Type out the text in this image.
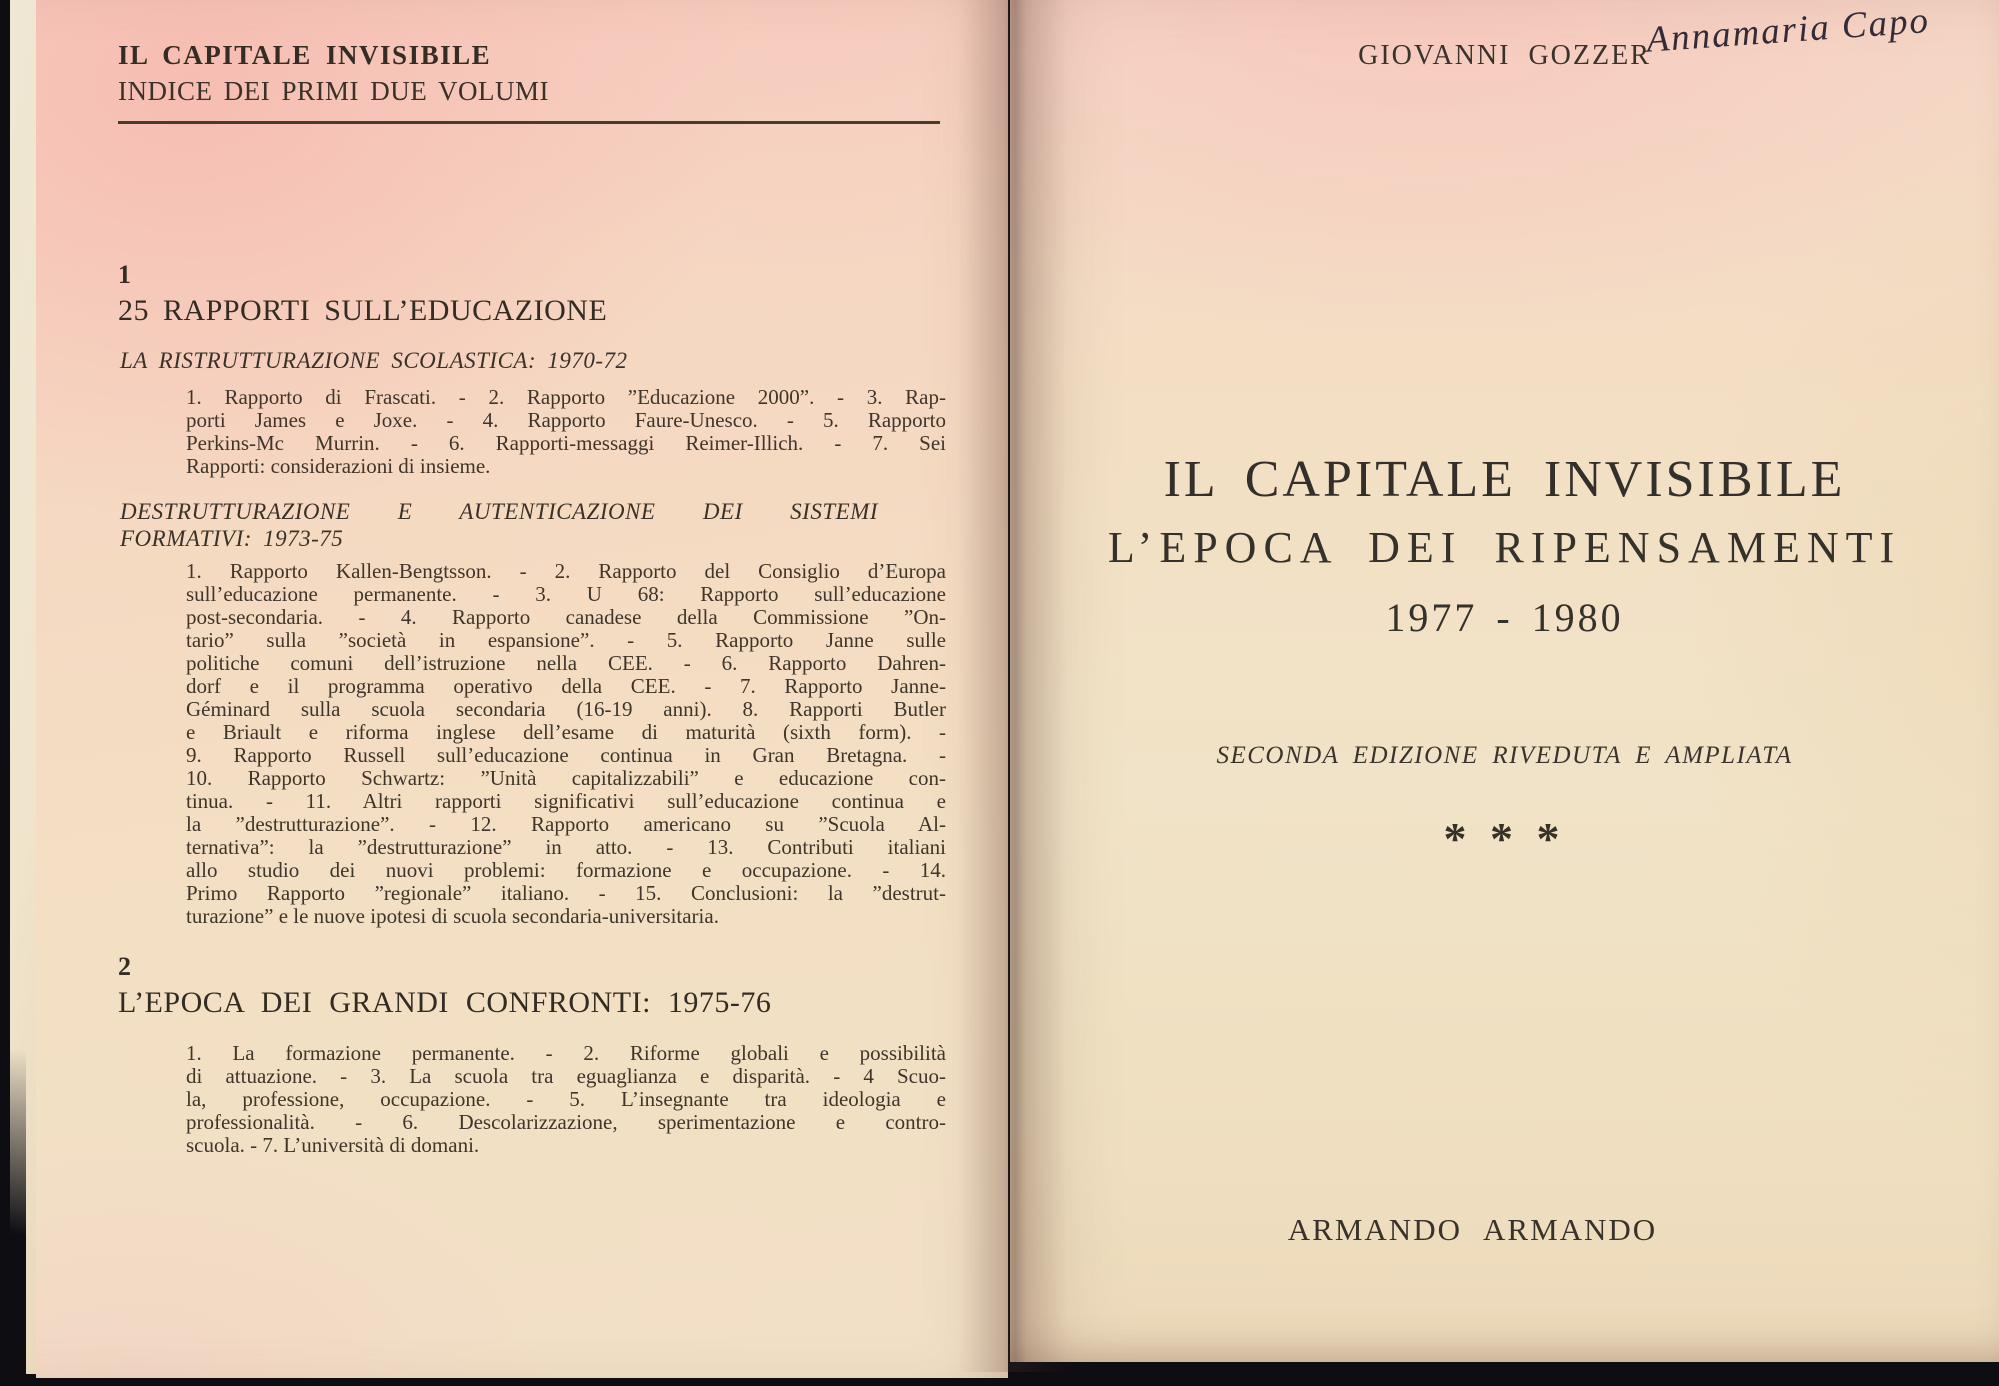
IL CAPITALE INVISIBILE
INDICE DEI PRIMI DUE VOLUMI
1
25 RAPPORTI SULL’EDUCAZIONE
LA RISTRUTTURAZIONE SCOLASTICA: 1970-72
1. Rapporto di Frascati. - 2. Rapporto ”Educazione 2000”. - 3. Rap-
porti James e Joxe. - 4. Rapporto Faure-Unesco. - 5. Rapporto
Perkins-Mc Murrin. - 6. Rapporti-messaggi Reimer-Illich. - 7. Sei
Rapporti: considerazioni di insieme.
DESTRUTTURAZIONE E AUTENTICAZIONE DEI SISTEMI
FORMATIVI: 1973-75
1. Rapporto Kallen-Bengtsson. - 2. Rapporto del Consiglio d’Europa
sull’educazione permanente. - 3. U 68: Rapporto sull’educazione
post-secondaria. - 4. Rapporto canadese della Commissione ”On-
tario” sulla ”società in espansione”. - 5. Rapporto Janne sulle
politiche comuni dell’istruzione nella CEE. - 6. Rapporto Dahren-
dorf e il programma operativo della CEE. - 7. Rapporto Janne-
Géminard sulla scuola secondaria (16-19 anni). 8. Rapporti Butler
e Briault e riforma inglese dell’esame di maturità (sixth form). -
9. Rapporto Russell sull’educazione continua in Gran Bretagna. -
10. Rapporto Schwartz: ”Unità capitalizzabili” e educazione con-
tinua. - 11. Altri rapporti significativi sull’educazione continua e
la ”destrutturazione”. - 12. Rapporto americano su ”Scuola Al-
ternativa”: la ”destrutturazione” in atto. - 13. Contributi italiani
allo studio dei nuovi problemi: formazione e occupazione. - 14.
Primo Rapporto ”regionale” italiano. - 15. Conclusioni: la ”destrut-
turazione” e le nuove ipotesi di scuola secondaria-universitaria.
2
L’EPOCA DEI GRANDI CONFRONTI: 1975-76
1. La formazione permanente. - 2. Riforme globali e possibilità
di attuazione. - 3. La scuola tra eguaglianza e disparità. - 4 Scuo-
la, professione, occupazione. - 5. L’insegnante tra ideologia e
professionalità. - 6. Descolarizzazione, sperimentazione e contro-
scuola. - 7. L’università di domani.
GIOVANNI GOZZER
Annamaria Capo
IL CAPITALE INVISIBILE
L’EPOCA DEI RIPENSAMENTI
1977 - 1980
SECONDA EDIZIONE RIVEDUTA E AMPLIATA
* * *
ARMANDO ARMANDO
